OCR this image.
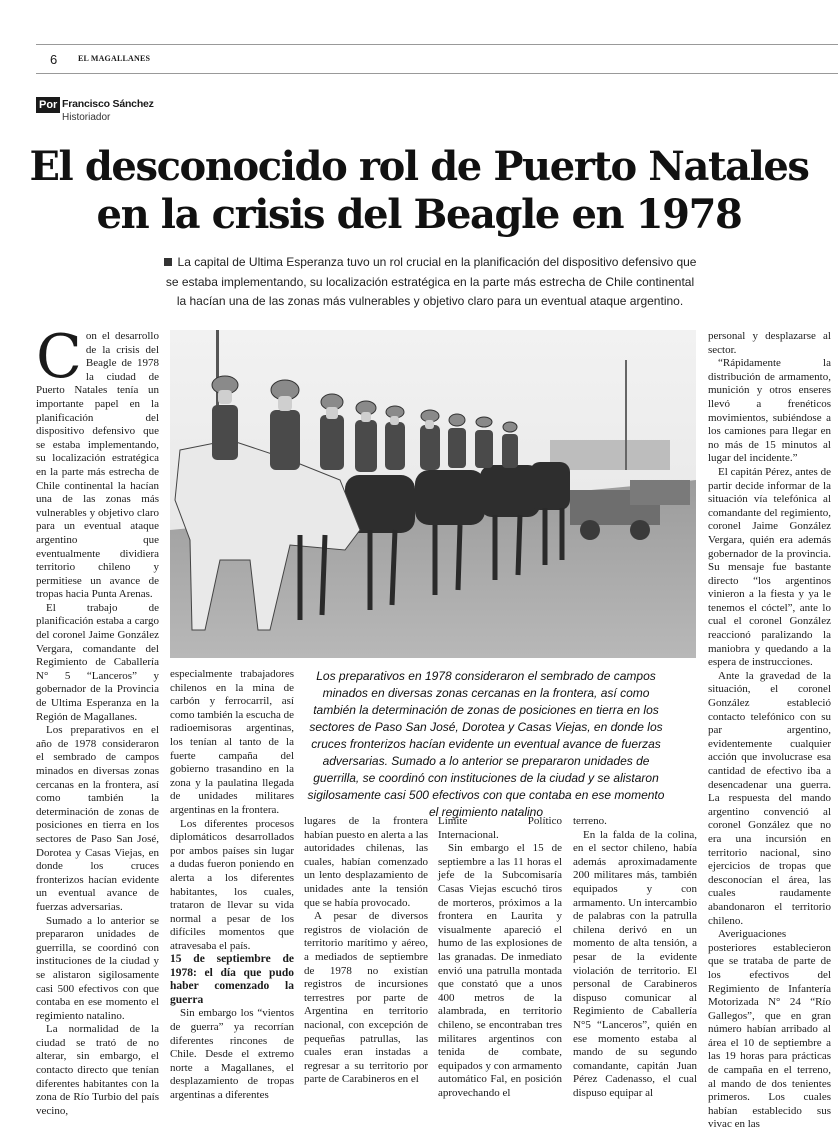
6	EL MAGALLANES
Por Francisco Sánchez
Historiador
El desconocido rol de Puerto Natales
en la crisis del Beagle en 1978
La capital de Ultima Esperanza tuvo un rol crucial en la planificación del dispositivo defensivo que se estaba implementando, su localización estratégica en la parte más estrecha de Chile continental la hacían una de las zonas más vulnerables y objetivo claro para un eventual ataque argentino.

Con el desarrollo de la crisis del Beagle de 1978 la ciudad de Puerto Natales tenía un importante papel en la planificación del dispositivo defensivo que se estaba implementando, su localización estratégica en la parte más estrecha de Chile continental la hacían una de las zonas más vulnerables y objetivo claro para un eventual ataque argentino que eventualmente dividiera territorio chileno y permitiese un avance de tropas hacia Punta Arenas.

El trabajo de planificación estaba a cargo del coronel Jaime González Vergara, comandante del Regimiento de Caballería N° 5 “Lanceros” y gobernador de la Provincia de Ultima Esperanza en la Región de Magallanes.

Los preparativos en el año de 1978 consideraron el sembrado de campos minados en diversas zonas cercanas en la frontera, así como también la determinación de zonas de posiciones en tierra en los sectores de Paso San José, Dorotea y Casas Viejas, en donde los cruces fronterizos hacían evidente un eventual avance de fuerzas adversarias.

Sumado a lo anterior se prepararon unidades de guerrilla, se coordinó con instituciones de la ciudad y se alistaron sigilosamente casi 500 efectivos con que contaba en ese momento el regimiento natalino.

La normalidad de la ciudad se trató de no alterar, sin embargo, el contacto directo que tenían diferentes habitantes con la zona de Río Turbio del país vecino,

Los preparativos en 1978 consideraron el sembrado de campos minados en diversas zonas cercanas en la frontera, así como también la determinación de zonas de posiciones en tierra en los sectores de Paso San José, Dorotea y Casas Viejas, en donde los cruces fronterizos hacían evidente un eventual avance de fuerzas adversarias. Sumado a lo anterior se prepararon unidades de guerrilla, se coordinó con instituciones de la ciudad y se alistaron sigilosamente casi 500 efectivos con que contaba en ese momento el regimiento natalino

especialmente trabajadores chilenos en la mina de carbón y ferrocarril, así como también la escucha de radioemisoras argentinas, los tenían al tanto de la fuerte campaña del gobierno trasandino en la zona y la paulatina llegada de unidades militares argentinas en la frontera.

Los diferentes procesos diplomáticos desarrollados por ambos países sin lugar a dudas fueron poniendo en alerta a los diferentes habitantes, los cuales, trataron de llevar su vida normal a pesar de los difíciles momentos que atravesaba el país.

15 de septiembre de 1978: el día que pudo haber comenzado la guerra

Sin embargo los “vientos de guerra” ya recorrían diferentes rincones de Chile. Desde el extremo norte a Magallanes, el desplazamiento de tropas argentinas a diferentes

lugares de la frontera habían puesto en alerta a las autoridades chilenas, las cuales, habían comenzado un lento desplazamiento de unidades ante la tensión que se había provocado.

A pesar de diversos registros de violación de territorio marítimo y aéreo, a mediados de septiembre de 1978 no existían registros de incursiones terrestres por parte de Argentina en territorio nacional, con excepción de pequeñas patrullas, las cuales eran instadas a regresar a su territorio por parte de Carabineros en el

Límite Político Internacional.

Sin embargo el 15 de septiembre a las 11 horas el jefe de la Subcomisaría Casas Viejas escuchó tiros de morteros, próximos a la frontera en Laurita y visualmente apareció el humo de las explosiones de las granadas. De inmediato envió una patrulla montada que constató que a unos 400 metros de la alambrada, en territorio chileno, se encontraban tres militares argentinos con tenida de combate, equipados y con armamento automático Fal, en posición aprovechando el

terreno.

En la falda de la colina, en el sector chileno, había además aproximadamente 200 militares más, también equipados y con armamento. Un intercambio de palabras con la patrulla chilena derivó en un momento de alta tensión, a pesar de la evidente violación de territorio. El personal de Carabineros dispuso comunicar al Regimiento de Caballería N°5 “Lanceros”, quién en ese momento estaba al mando de su segundo comandante, capitán Juan Pérez Cadenasso, el cual dispuso equipar al

personal y desplazarse al sector.

“Rápidamente la distribución de armamento, munición y otros enseres llevó a frenéticos movimientos, subiéndose a los camiones para llegar en no más de 15 minutos al lugar del incidente.”

El capitán Pérez, antes de partir decide informar de la situación vía telefónica al comandante del regimiento, coronel Jaime González Vergara, quién era además gobernador de la provincia. Su mensaje fue bastante directo “los argentinos vinieron a la fiesta y ya le tenemos el cóctel”, ante lo cual el coronel González reaccionó paralizando la maniobra y quedando a la espera de instrucciones.

Ante la gravedad de la situación, el coronel González estableció contacto telefónico con su par argentino, evidentemente cualquier acción que involucrase esa cantidad de efectivo iba a desencadenar una guerra. La respuesta del mando argentino convenció al coronel González que no era una incursión en territorio nacional, sino ejercicios de tropas que desconocían el área, las cuales raudamente abandonaron el territorio chileno.

Averiguaciones posteriores establecieron que se trataba de parte de los efectivos del Regimiento de Infantería Motorizada N° 24 “Río Gallegos”, que en gran número habían arribado al área el 10 de septiembre a las 19 horas para prácticas de campaña en el terreno, al mando de dos tenientes primeros. Los cuales habían establecido sus vivac en las
